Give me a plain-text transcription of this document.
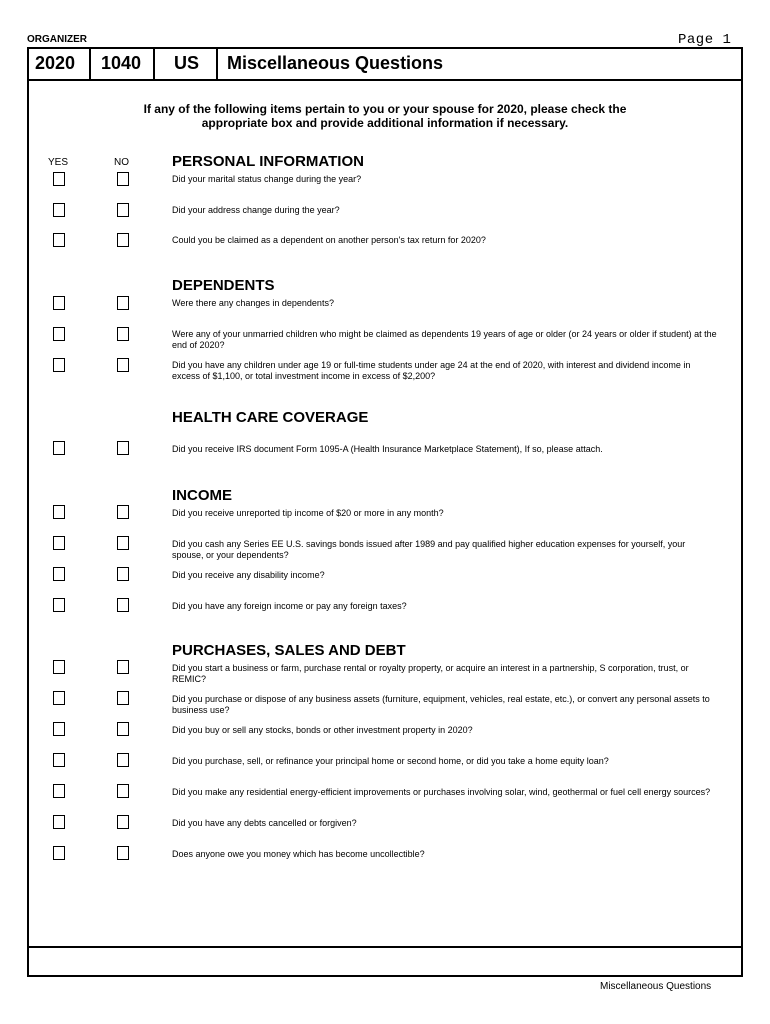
ORGANIZER	Page 1
2020	1040	US	Miscellaneous Questions
If any of the following items pertain to you or your spouse for 2020, please check the
appropriate box and provide additional information if necessary.
YES	NO	PERSONAL INFORMATION
Did your marital status change during the year?
Did your address change during the year?
Could you be claimed as a dependent on another person's tax return for 2020?
DEPENDENTS
Were there any changes in dependents?
Were any of your unmarried children who might be claimed as dependents 19 years of age or older (or 24 years or older if student) at the end of 2020?
Did you have any children under age 19 or full-time students under age 24 at the end of 2020, with interest and dividend income in excess of $1,100, or total investment income in excess of $2,200?
HEALTH CARE COVERAGE
Did you receive IRS document Form 1095-A (Health Insurance Marketplace Statement), If so, please attach.
INCOME
Did you receive unreported tip income of $20 or more in any month?
Did you cash any Series EE U.S. savings bonds issued after 1989 and pay qualified higher education expenses for yourself, your spouse, or your dependents?
Did you receive any disability income?
Did you have any foreign income or pay any foreign taxes?
PURCHASES, SALES AND DEBT
Did you start a business or farm, purchase rental or royalty property, or acquire an interest in a partnership, S corporation, trust, or REMIC?
Did you purchase or dispose of any business assets (furniture, equipment, vehicles, real estate, etc.), or convert any personal assets to business use?
Did you buy or sell any stocks, bonds or other investment property in 2020?
Did you purchase, sell, or refinance your principal home or second home, or did you take a home equity loan?
Did you make any residential energy-efficient improvements or purchases involving solar, wind, geothermal or fuel cell energy sources?
Did you have any debts cancelled or forgiven?
Does anyone owe you money which has become uncollectible?
Miscellaneous Questions
